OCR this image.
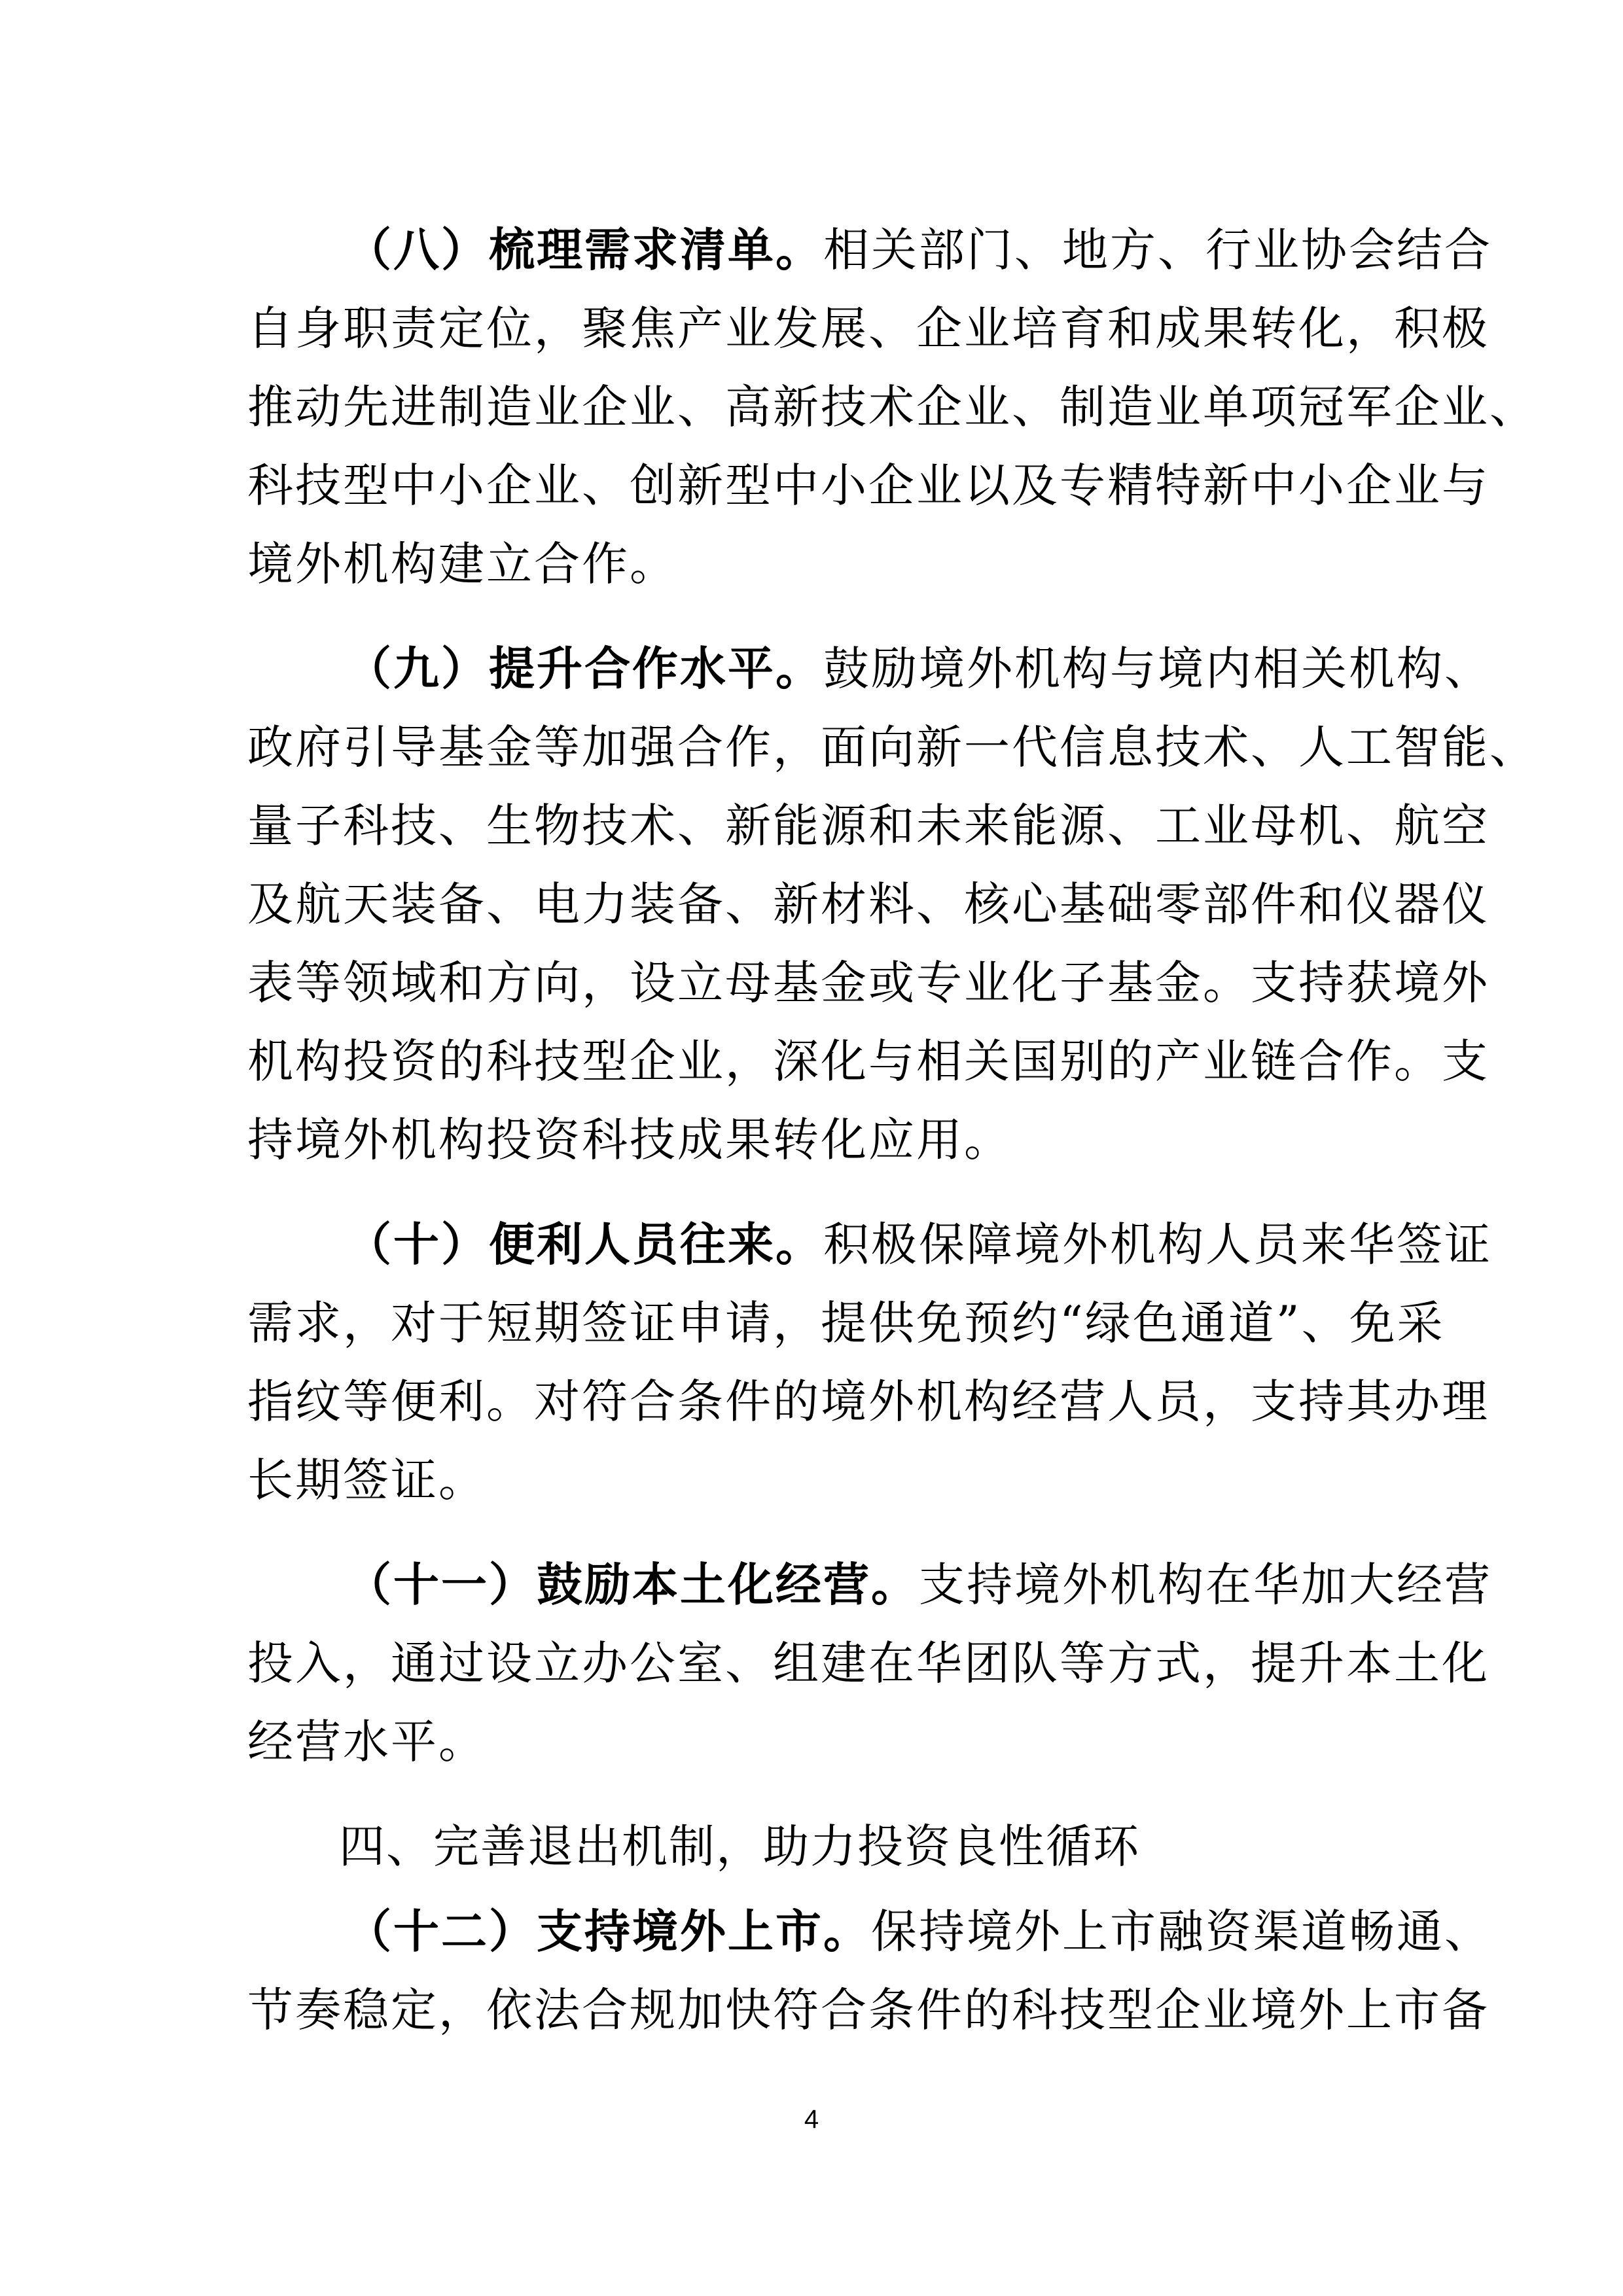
（八）梳理需求清单。相关部门、地方、行业协会结合
自身职责定位，聚焦产业发展、企业培育和成果转化，积极
推动先进制造业企业、高新技术企业、制造业单项冠军企业、
科技型中小企业、创新型中小企业以及专精特新中小企业与
境外机构建立合作。
（九）提升合作水平。鼓励境外机构与境内相关机构、
政府引导基金等加强合作，面向新一代信息技术、人工智能、
量子科技、生物技术、新能源和未来能源、工业母机、航空
及航天装备、电力装备、新材料、核心基础零部件和仪器仪
表等领域和方向，设立母基金或专业化子基金。支持获境外
机构投资的科技型企业，深化与相关国别的产业链合作。支
持境外机构投资科技成果转化应用。
（十）便利人员往来。积极保障境外机构人员来华签证
需求，对于短期签证申请，提供免预约“绿色通道”、免采
指纹等便利。对符合条件的境外机构经营人员，支持其办理
长期签证。
（十一）鼓励本土化经营。支持境外机构在华加大经营
投入，通过设立办公室、组建在华团队等方式，提升本土化
经营水平。
四、完善退出机制，助力投资良性循环
（十二）支持境外上市。保持境外上市融资渠道畅通、
节奏稳定，依法合规加快符合条件的科技型企业境外上市备
4
